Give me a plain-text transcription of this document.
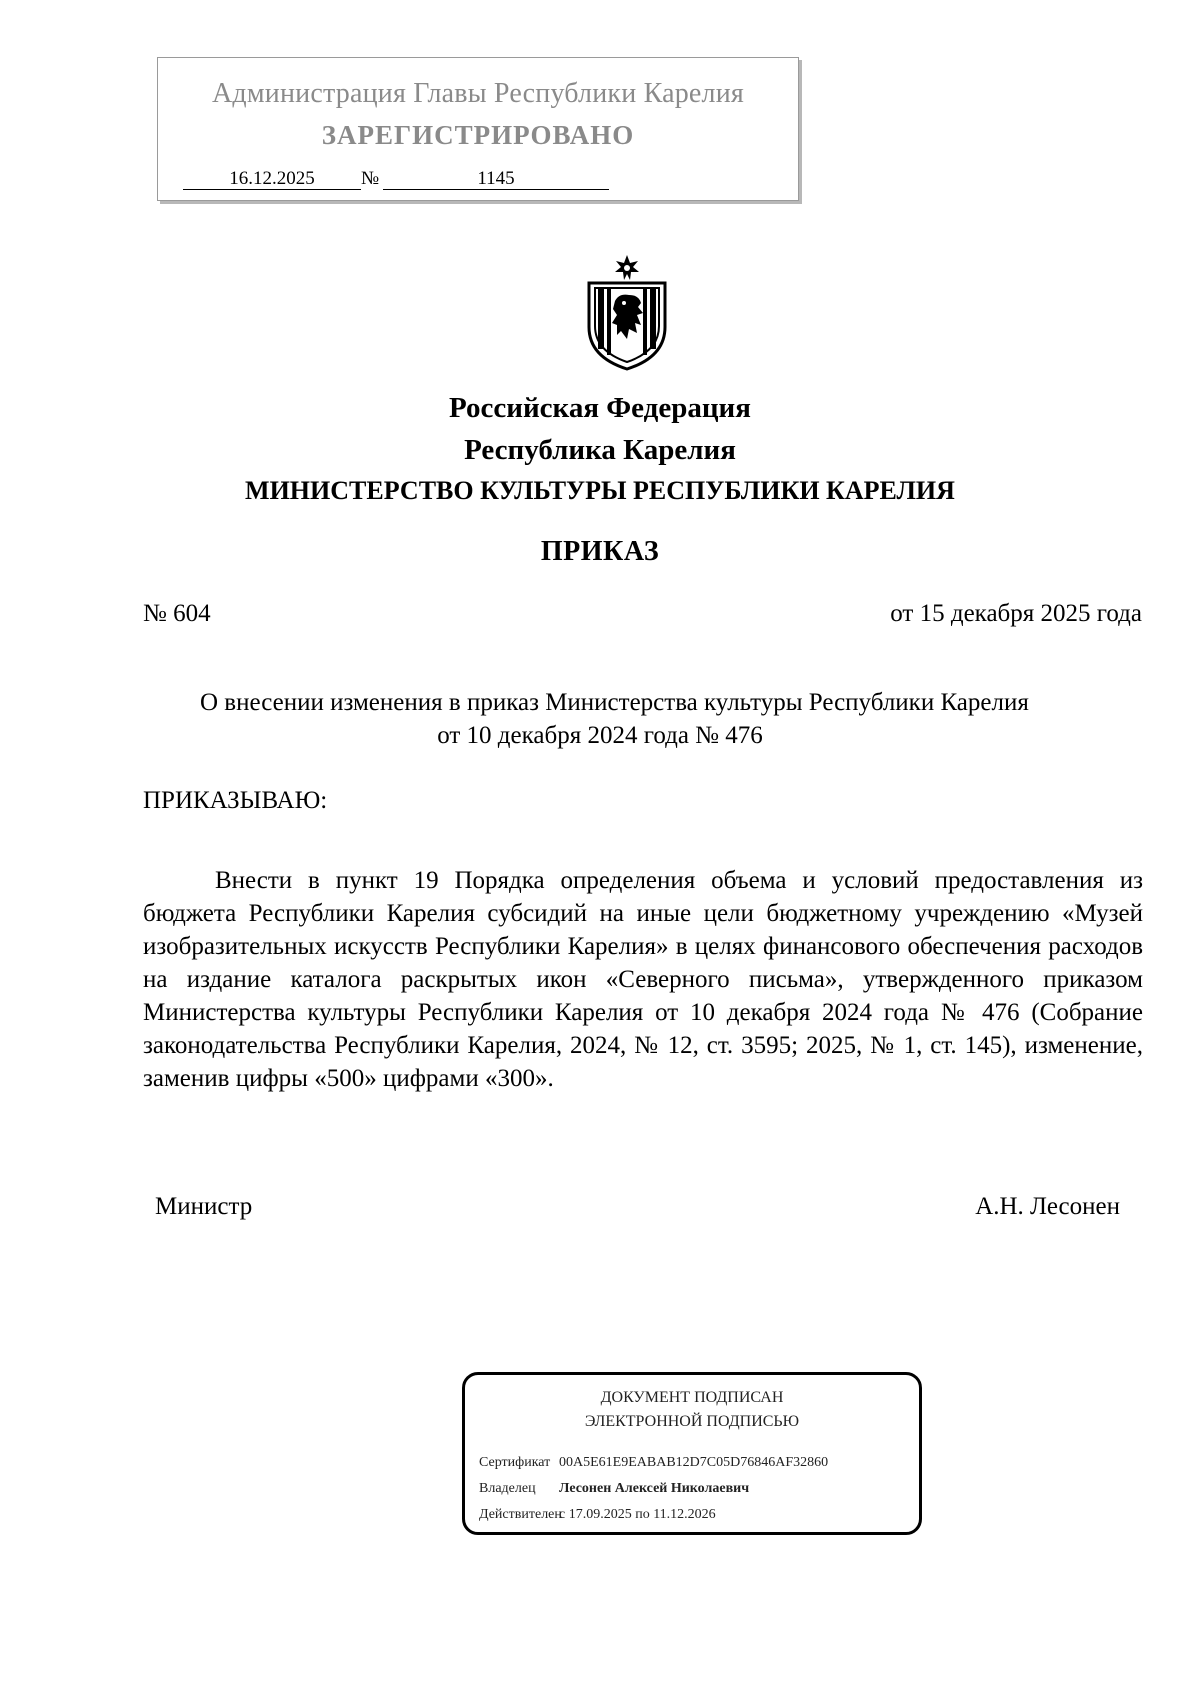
Администрация Главы Республики Карелия
ЗАРЕГИСТРИРОВАНО
16.12.2025	№	1145
Российская Федерация
Республика Карелия
МИНИСТЕРСТВО КУЛЬТУРЫ РЕСПУБЛИКИ КАРЕЛИЯ
ПРИКАЗ
№ 604	от 15 декабря 2025 года
О внесении изменения в приказ Министерства культуры Республики Карелия
от 10 декабря 2024 года № 476
ПРИКАЗЫВАЮ:
Внести в пункт 19 Порядка определения объема и условий предоставления из бюджета Республики Карелия субсидий на иные цели бюджетному учреждению «Музей изобразительных искусств Республики Карелия» в целях финансового обеспечения расходов на издание каталога раскрытых икон «Северного письма», утвержденного приказом Министерства культуры Республики Карелия от 10 декабря 2024 года № 476 (Собрание законодательства Республики Карелия, 2024, № 12, ст. 3595; 2025, № 1, ст. 145), изменение, заменив цифры «500» цифрами «300».
Министр	А.Н. Лесонен
ДОКУМЕНТ ПОДПИСАН
ЭЛЕКТРОННОЙ ПОДПИСЬЮ
Сертификат 00A5E61E9EABAB12D7C05D76846AF32860
Владелец Лесонен Алексей Николаевич
Действителенс 17.09.2025 по 11.12.2026
